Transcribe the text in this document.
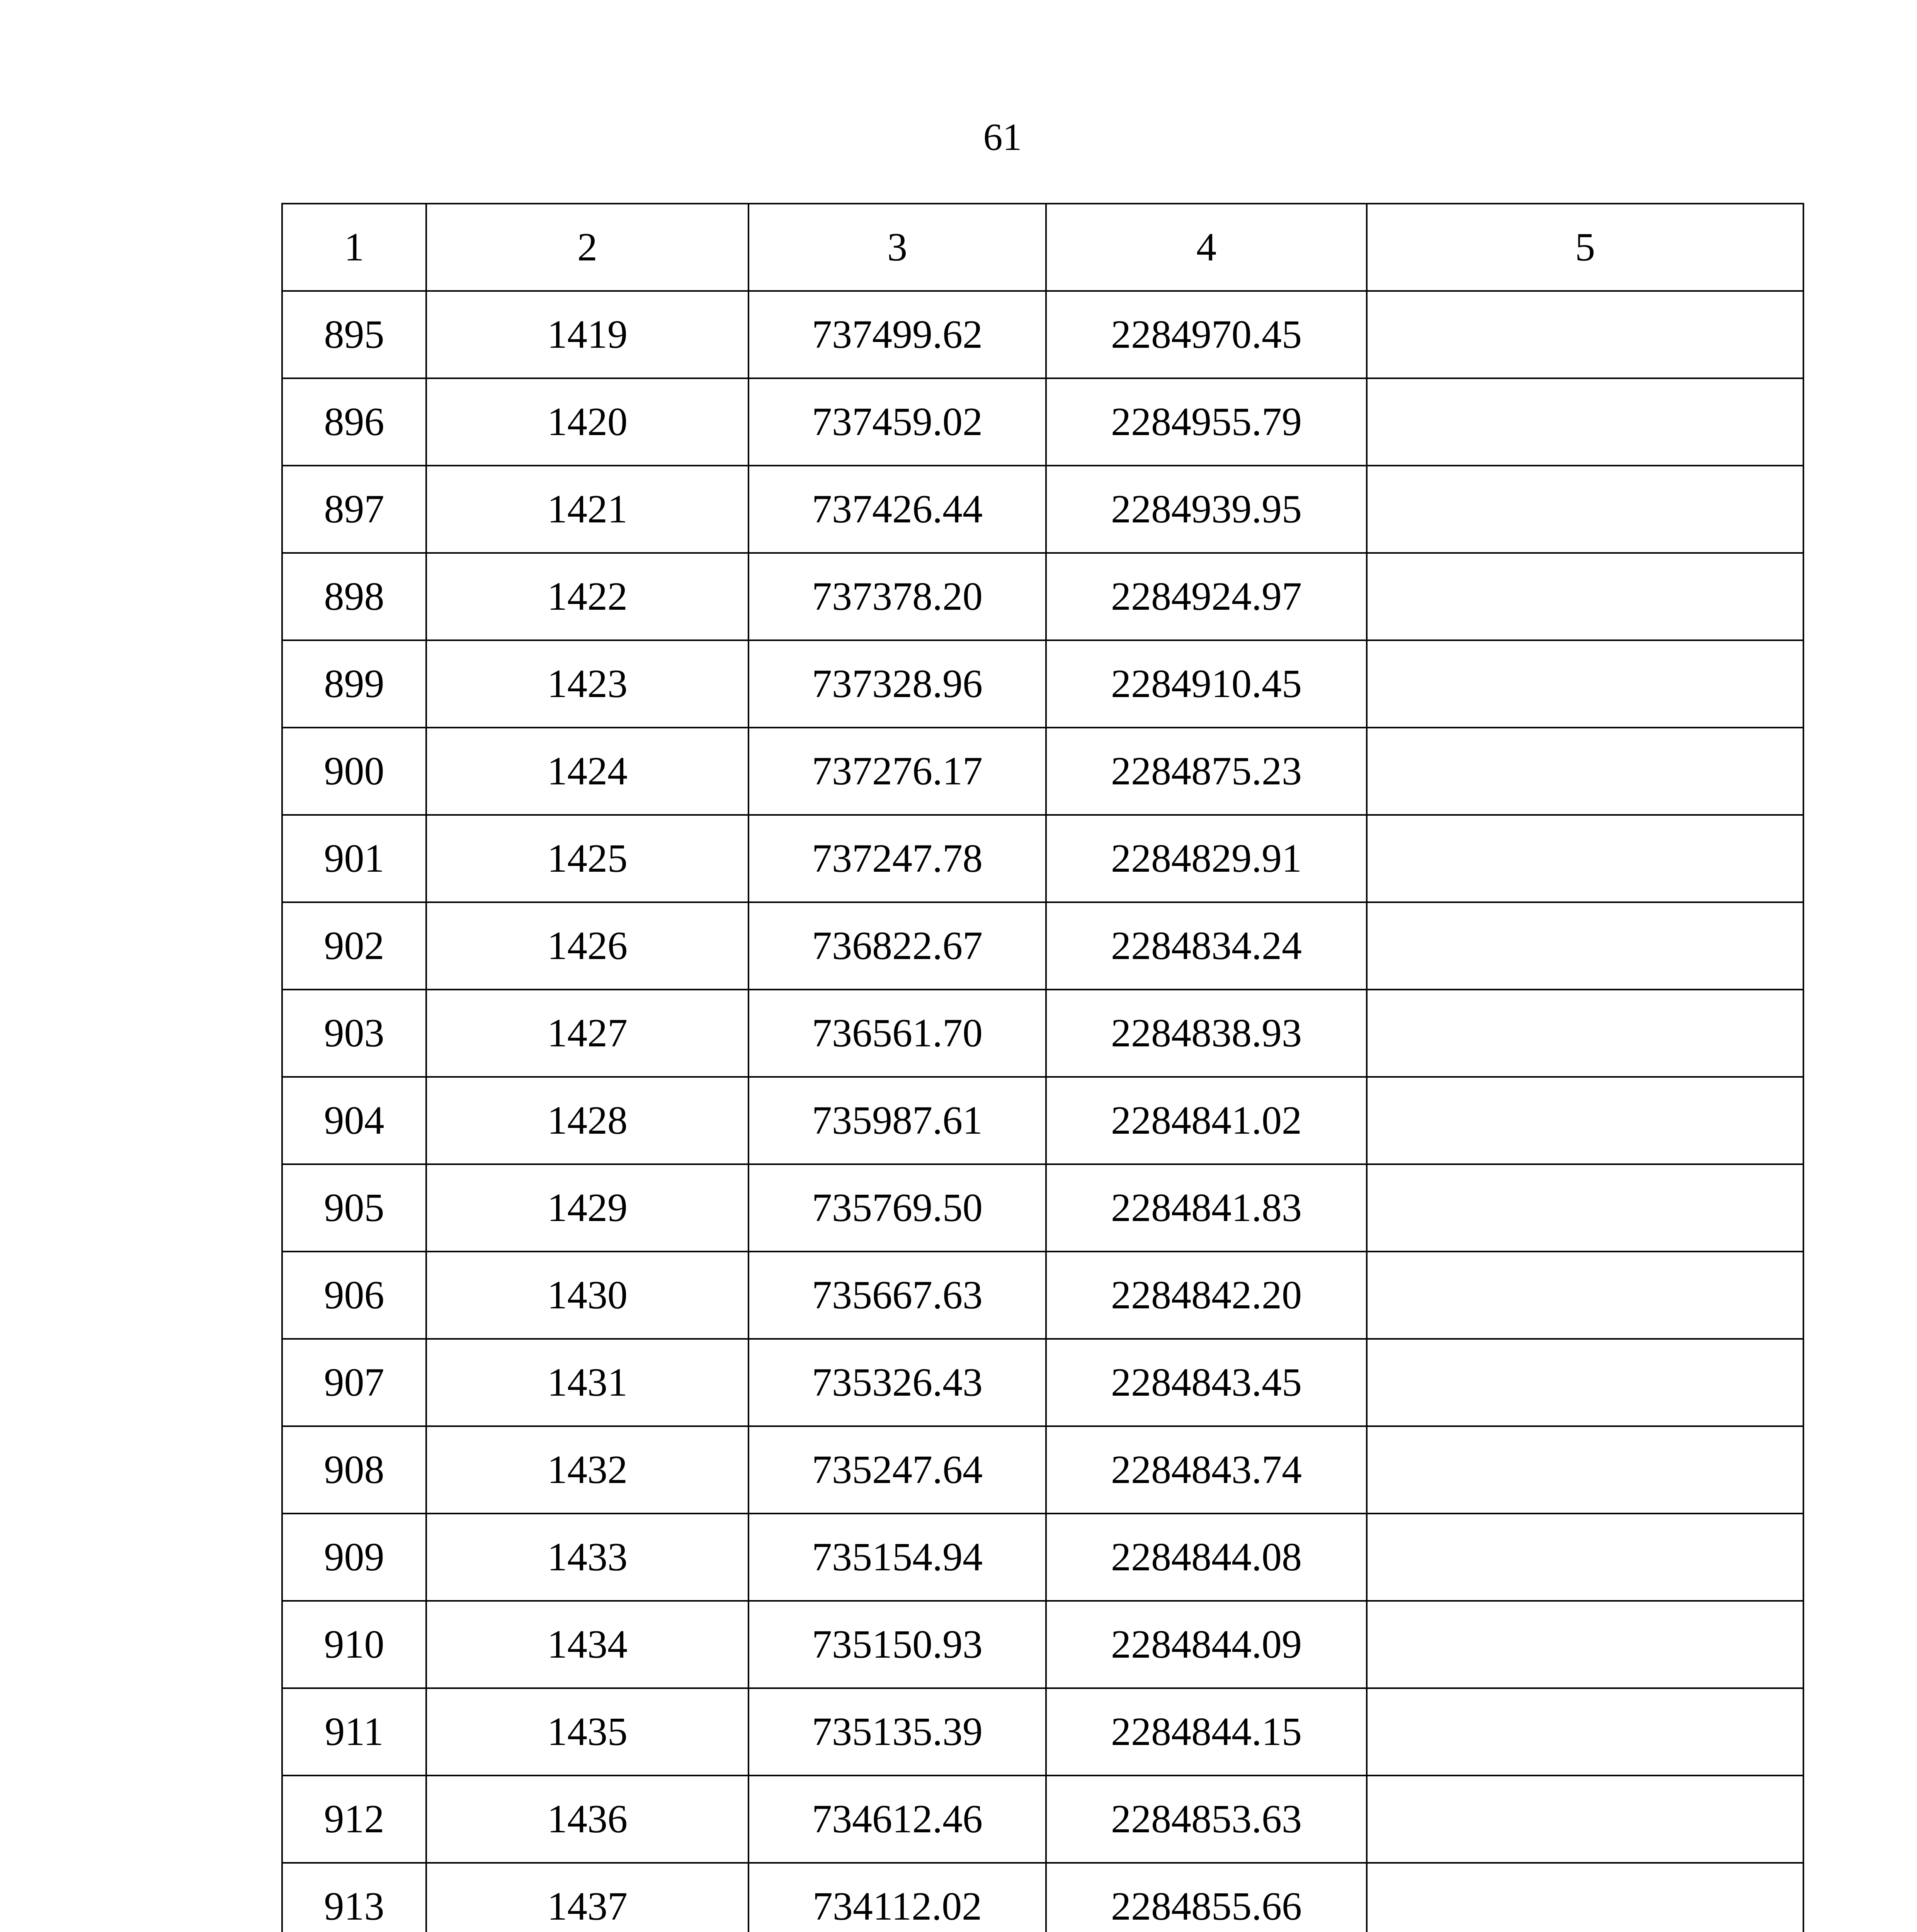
61
1	2	3	4	5
895	1419	737499.62	2284970.45	
896	1420	737459.02	2284955.79	
897	1421	737426.44	2284939.95	
898	1422	737378.20	2284924.97	
899	1423	737328.96	2284910.45	
900	1424	737276.17	2284875.23	
901	1425	737247.78	2284829.91	
902	1426	736822.67	2284834.24	
903	1427	736561.70	2284838.93	
904	1428	735987.61	2284841.02	
905	1429	735769.50	2284841.83	
906	1430	735667.63	2284842.20	
907	1431	735326.43	2284843.45	
908	1432	735247.64	2284843.74	
909	1433	735154.94	2284844.08	
910	1434	735150.93	2284844.09	
911	1435	735135.39	2284844.15	
912	1436	734612.46	2284853.63	
913	1437	734112.02	2284855.66	
